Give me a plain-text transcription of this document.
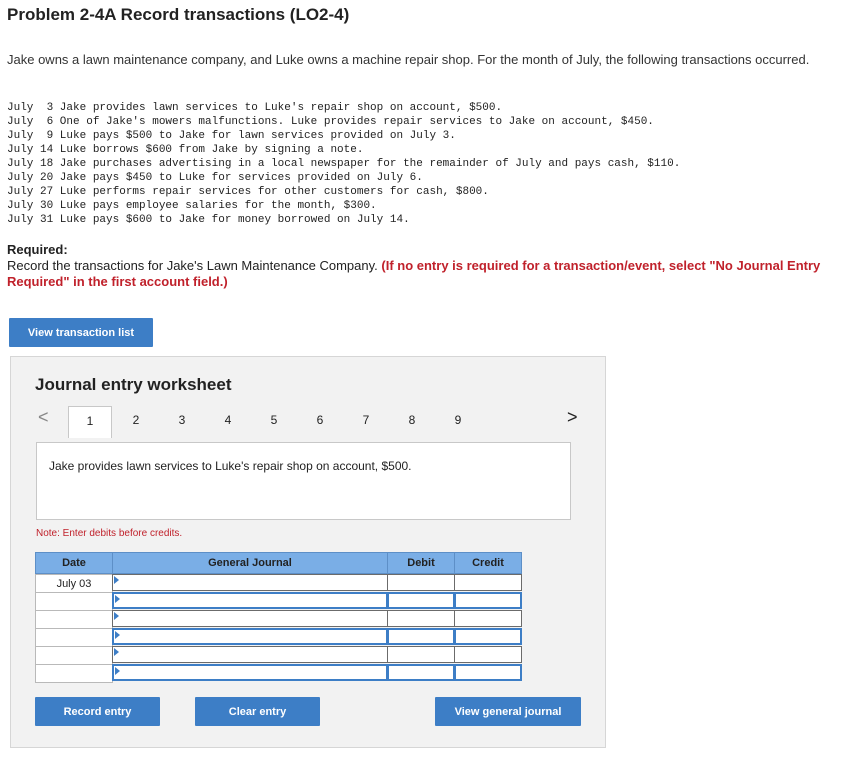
Problem 2-4A Record transactions (LO2-4)
Jake owns a lawn maintenance company, and Luke owns a machine repair shop. For the month of July, the following transactions occurred.
July  3 Jake provides lawn services to Luke's repair shop on account, $500.
July  6 One of Jake's mowers malfunctions. Luke provides repair services to Jake on account, $450.
July  9 Luke pays $500 to Jake for lawn services provided on July 3.
July 14 Luke borrows $600 from Jake by signing a note.
July 18 Jake purchases advertising in a local newspaper for the remainder of July and pays cash, $110.
July 20 Jake pays $450 to Luke for services provided on July 6.
July 27 Luke performs repair services for other customers for cash, $800.
July 30 Luke pays employee salaries for the month, $300.
July 31 Luke pays $600 to Jake for money borrowed on July 14.
Required:
Record the transactions for Jake's Lawn Maintenance Company. (If no entry is required for a transaction/event, select "No Journal Entry Required" in the first account field.)
View transaction list
Journal entry worksheet
<	1	2	3	4	5	6	7	8	9	>
Jake provides lawn services to Luke's repair shop on account, $500.
Note: Enter debits before credits.
Date	General Journal	Debit	Credit
July 03
Record entry	Clear entry	View general journal
